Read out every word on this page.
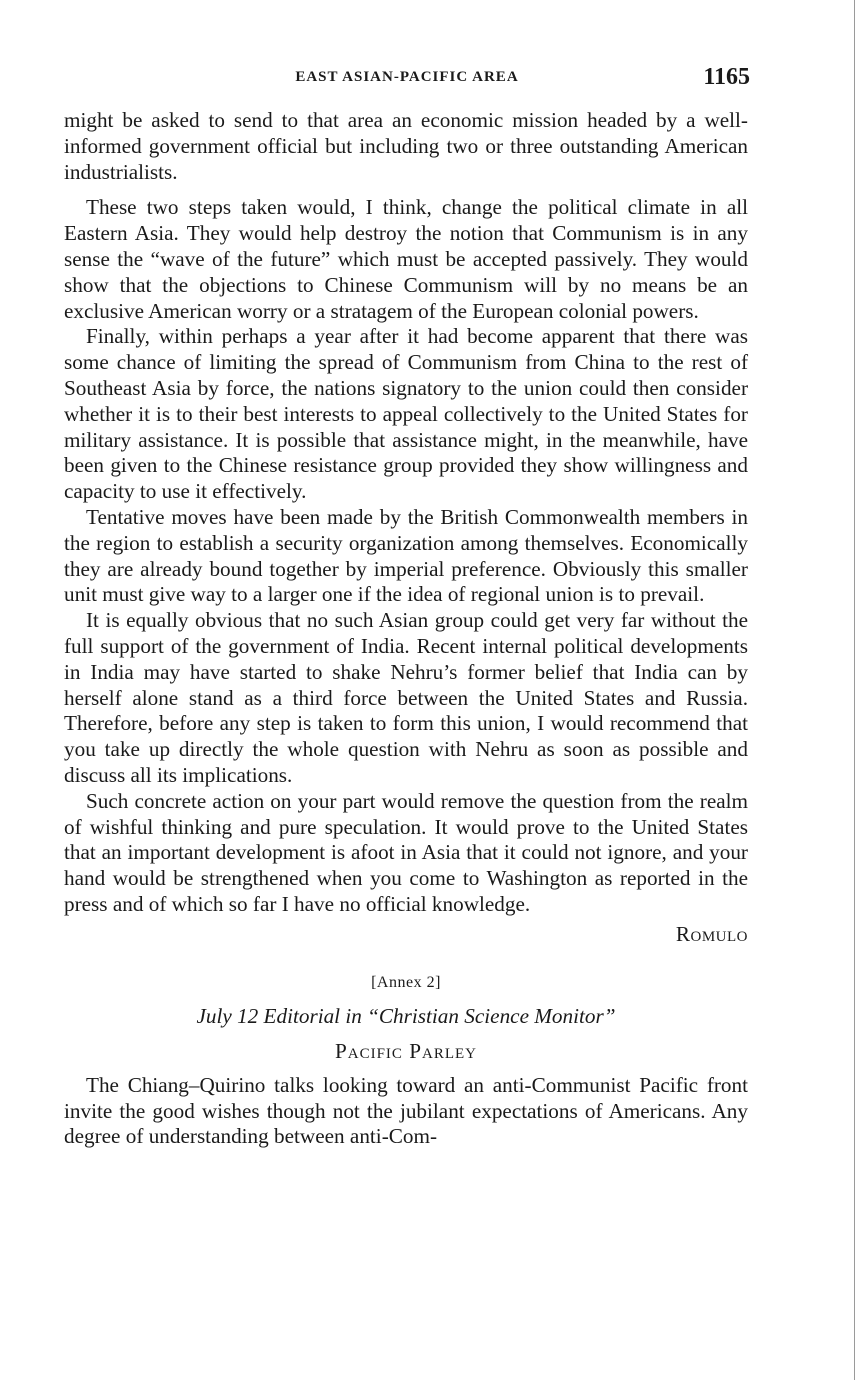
EAST ASIAN-PACIFIC AREA	1165

might be asked to send to that area an economic mission headed by a well-informed government official but including two or three outstanding American industrialists.

These two steps taken would, I think, change the political climate in all Eastern Asia. They would help destroy the notion that Communism is in any sense the “wave of the future” which must be accepted passively. They would show that the objections to Chinese Communism will by no means be an exclusive American worry or a stratagem of the European colonial powers.

Finally, within perhaps a year after it had become apparent that there was some chance of limiting the spread of Communism from China to the rest of Southeast Asia by force, the nations signatory to the union could then consider whether it is to their best interests to appeal collectively to the United States for military assistance. It is possible that assistance might, in the meanwhile, have been given to the Chinese resistance group provided they show willingness and capacity to use it effectively.

Tentative moves have been made by the British Commonwealth members in the region to establish a security organization among themselves. Economically they are already bound together by imperial preference. Obviously this smaller unit must give way to a larger one if the idea of regional union is to prevail.

It is equally obvious that no such Asian group could get very far without the full support of the government of India. Recent internal political developments in India may have started to shake Nehru’s former belief that India can by herself alone stand as a third force between the United States and Russia. Therefore, before any step is taken to form this union, I would recommend that you take up directly the whole question with Nehru as soon as possible and discuss all its implications.

Such concrete action on your part would remove the question from the realm of wishful thinking and pure speculation. It would prove to the United States that an important development is afoot in Asia that it could not ignore, and your hand would be strengthened when you come to Washington as reported in the press and of which so far I have no official knowledge.

Romulo
[Annex 2]
July 12 Editorial in “Christian Science Monitor”
Pacific Parley

The Chiang–Quirino talks looking toward an anti-Communist Pacific front invite the good wishes though not the jubilant expectations of Americans. Any degree of understanding between anti-Com-
